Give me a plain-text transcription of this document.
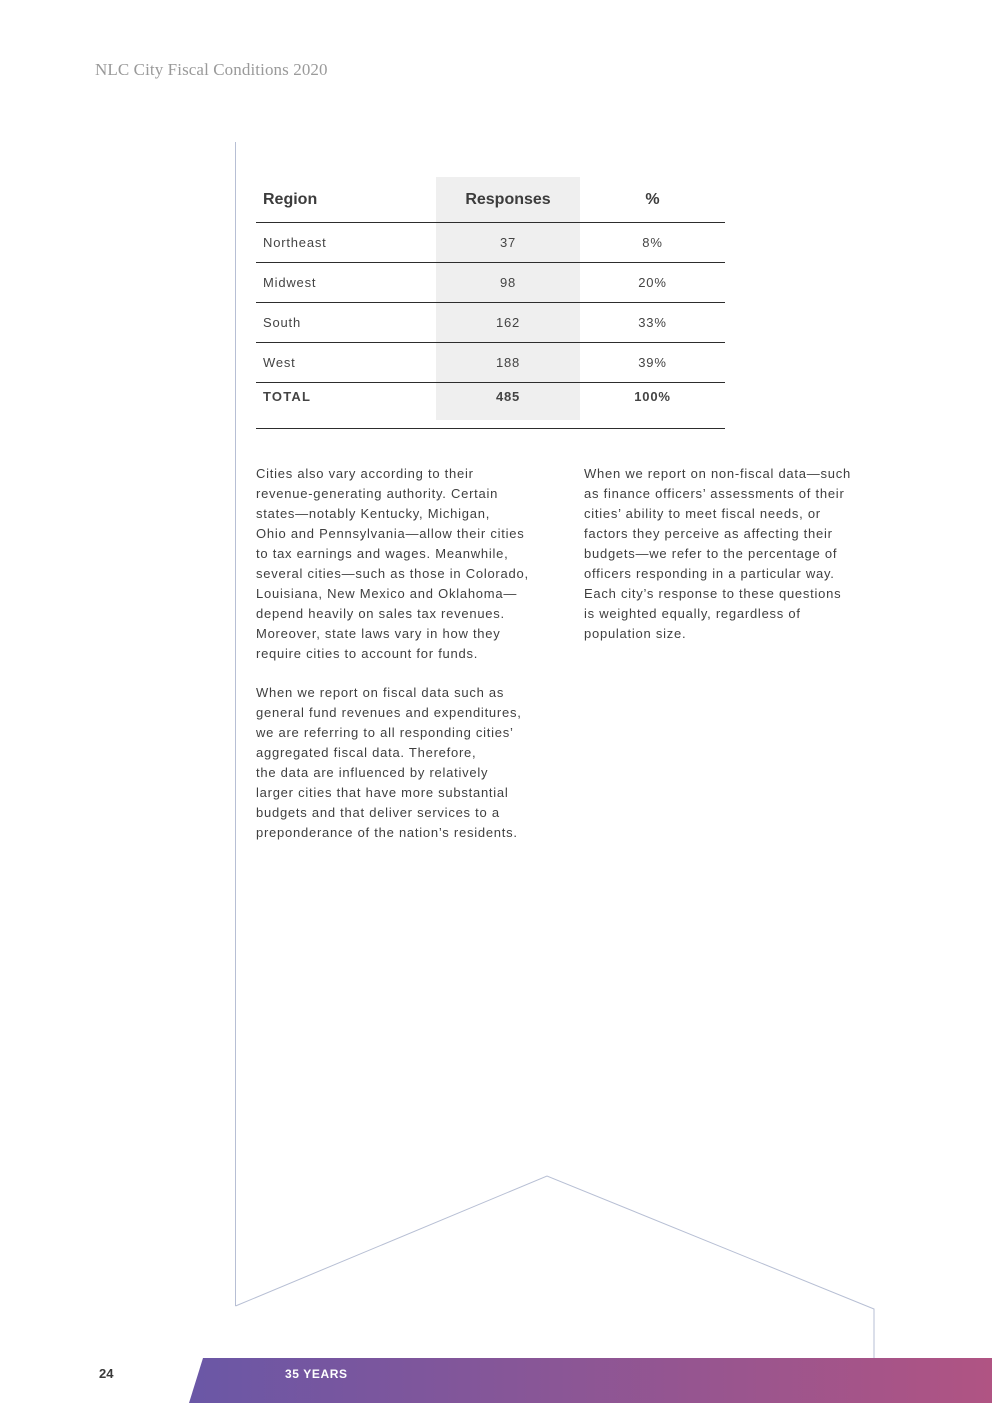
NLC City Fiscal Conditions 2020
Region	Responses	%
Northeast	37	8%
Midwest	98	20%
South	162	33%
West	188	39%
TOTAL	485	100%
Cities also vary according to their
revenue-generating authority. Certain
states—notably Kentucky, Michigan,
Ohio and Pennsylvania—allow their cities
to tax earnings and wages. Meanwhile,
several cities—such as those in Colorado,
Louisiana, New Mexico and Oklahoma—
depend heavily on sales tax revenues.
Moreover, state laws vary in how they
require cities to account for funds.
When we report on fiscal data such as
general fund revenues and expenditures,
we are referring to all responding cities’
aggregated fiscal data. Therefore,
the data are influenced by relatively
larger cities that have more substantial
budgets and that deliver services to a
preponderance of the nation’s residents.
When we report on non-fiscal data—such
as finance officers’ assessments of their
cities’ ability to meet fiscal needs, or
factors they perceive as affecting their
budgets—we refer to the percentage of
officers responding in a particular way.
Each city’s response to these questions
is weighted equally, regardless of
population size.
24	35 YEARS
